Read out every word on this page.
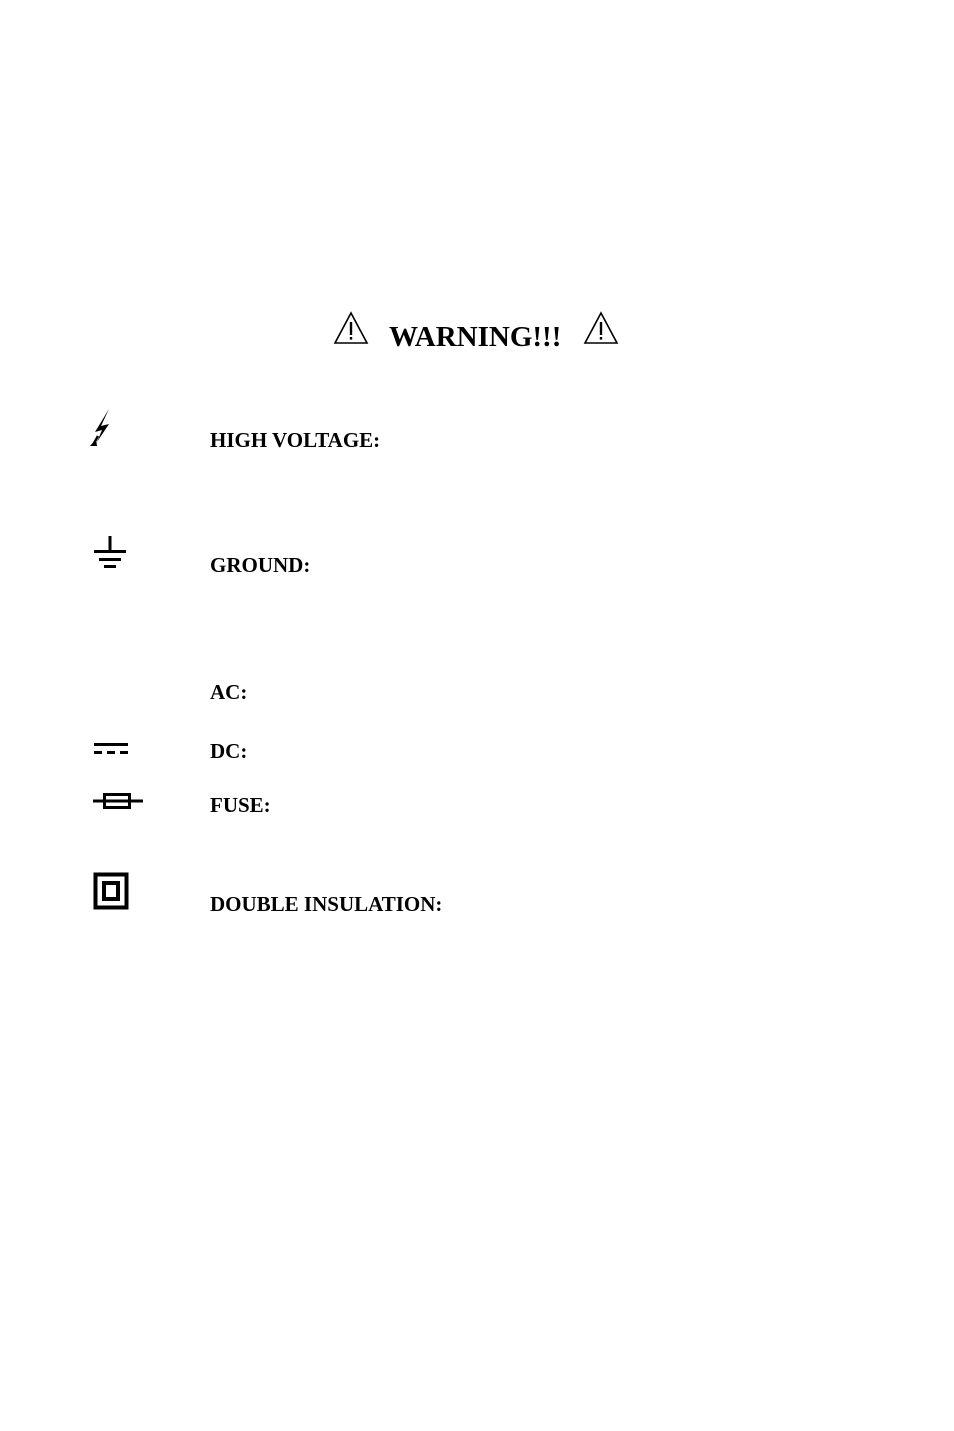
WARNING!!!
HIGH VOLTAGE:
GROUND:
AC:
DC:
FUSE:
DOUBLE INSULATION:
